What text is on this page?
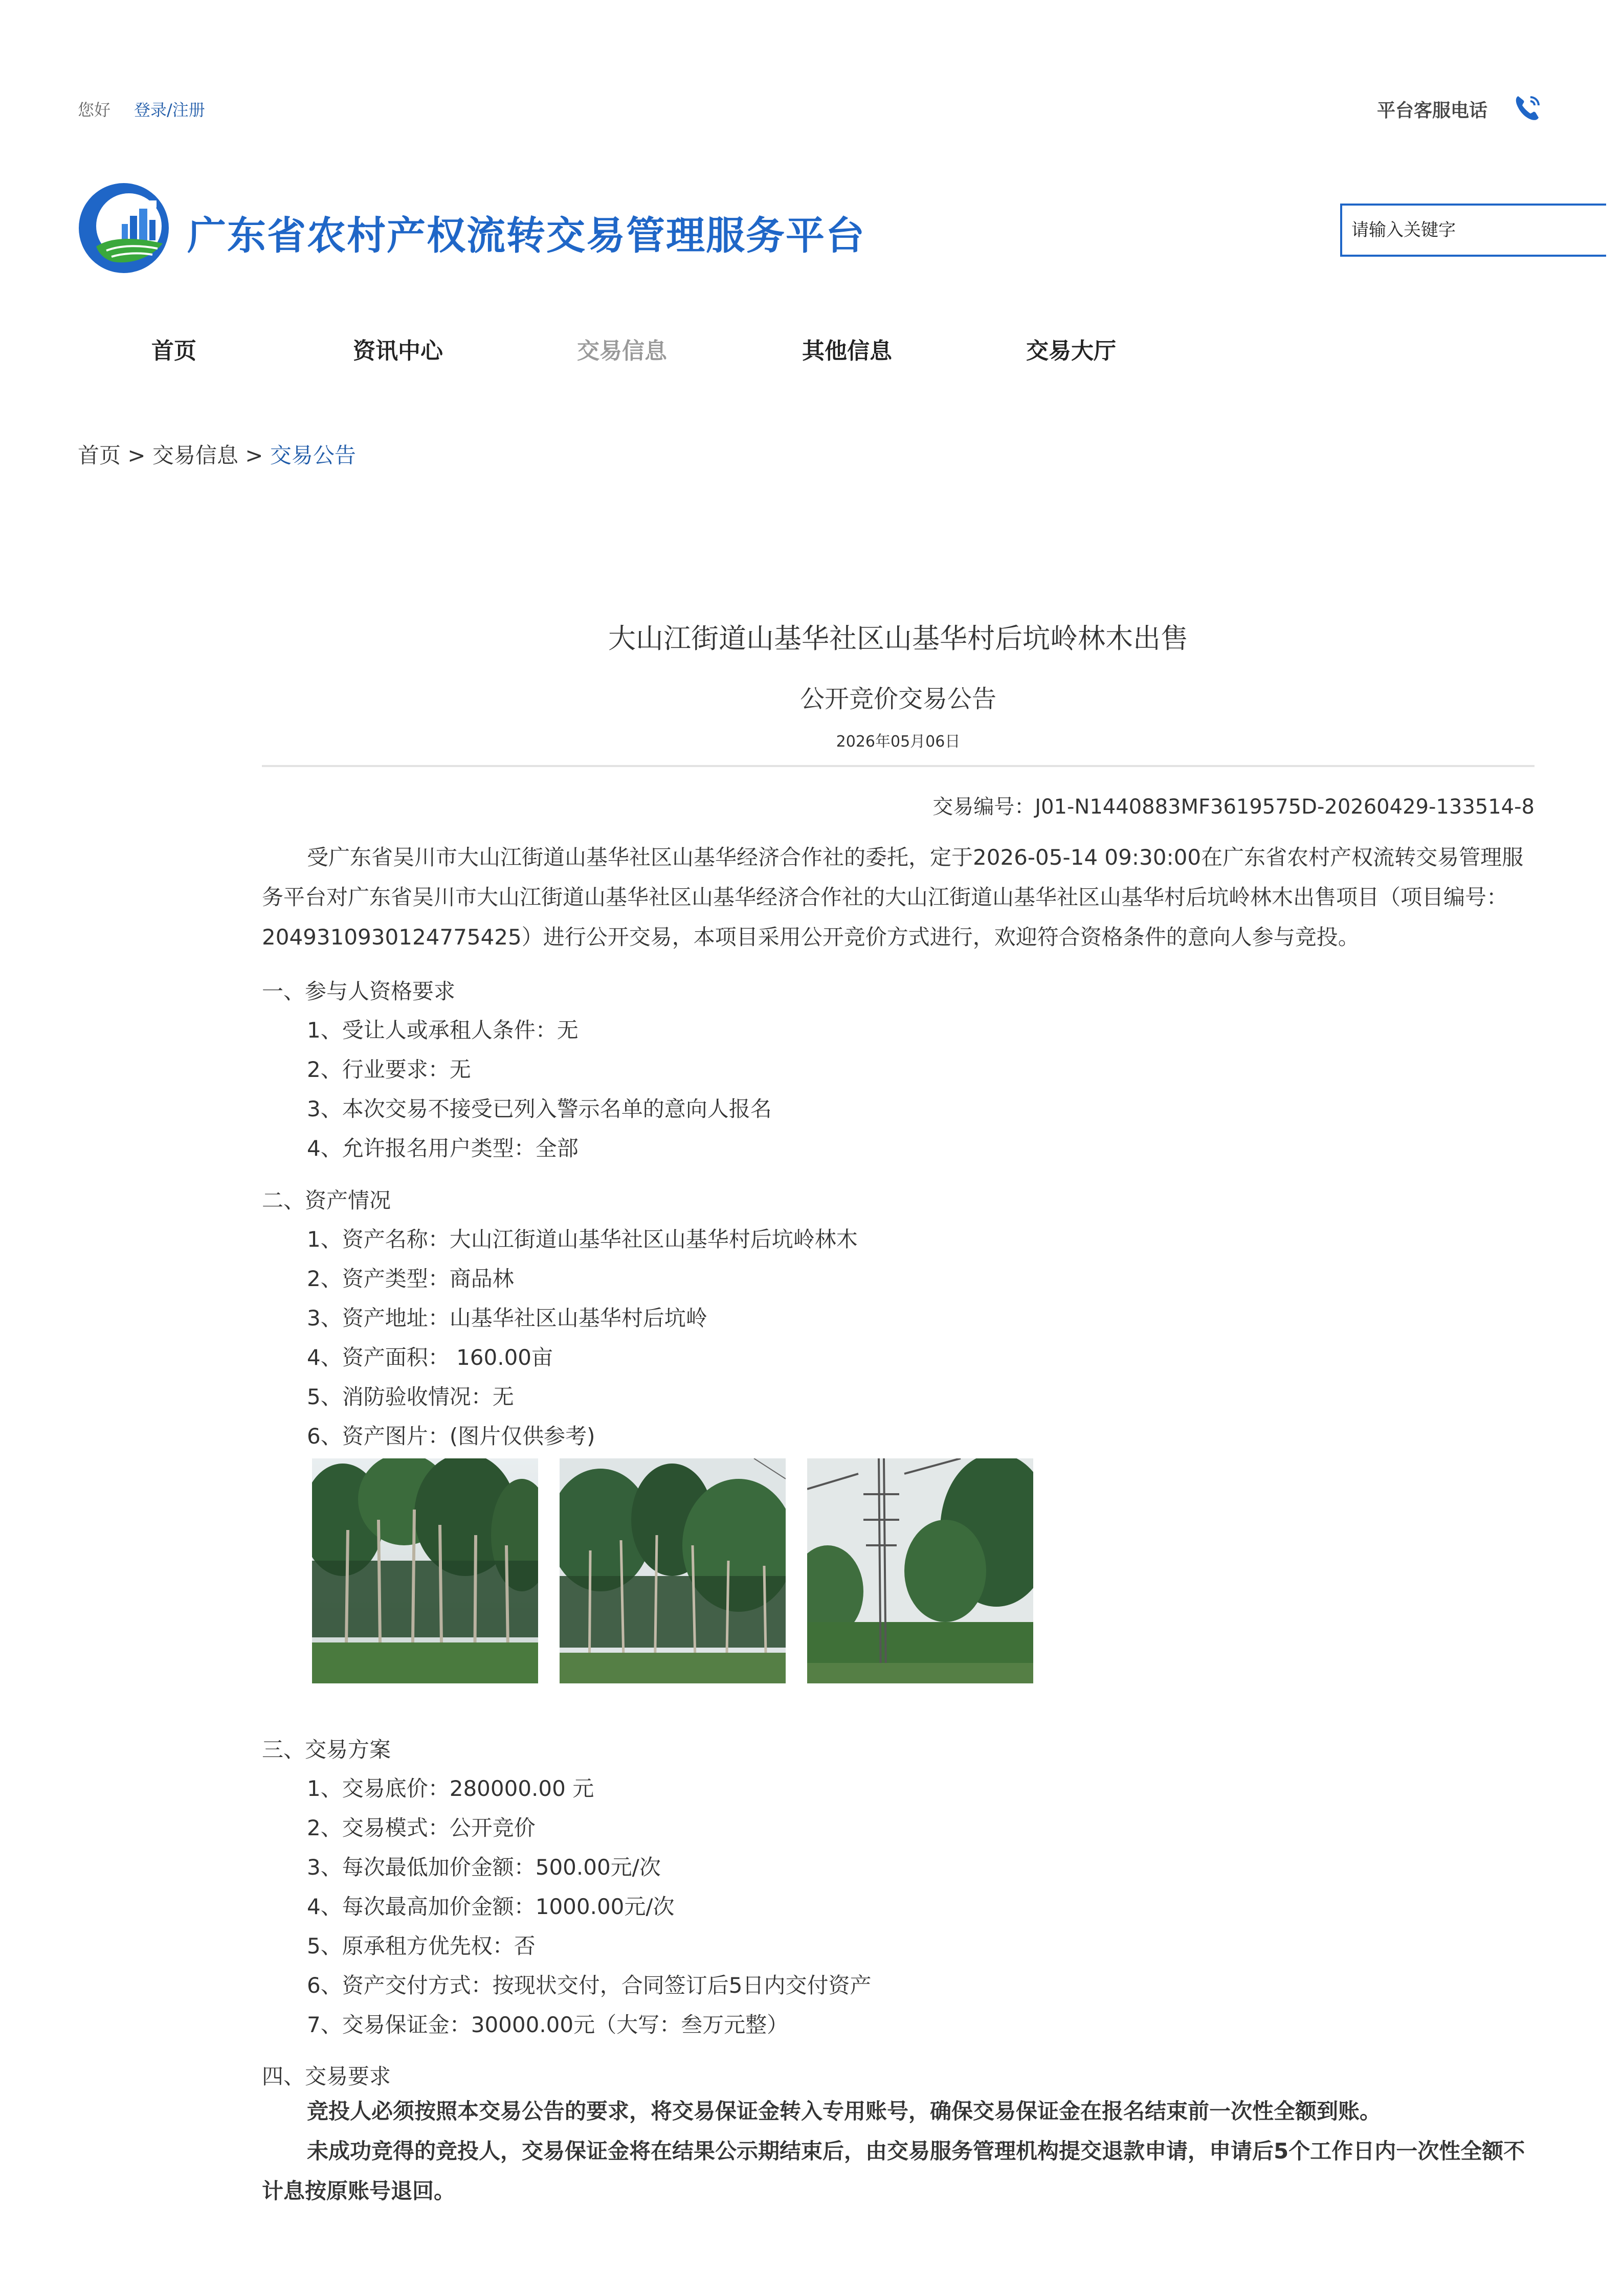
您好 登录/注册	平台客服电话
广东省农村产权流转交易管理服务平台
请输入关键字
首页	资讯中心	交易信息	其他信息	交易大厅
首页 > 交易信息 > 交易公告
大山江街道山基华社区山基华村后坑岭林木出售
公开竞价交易公告
2026年05月06日
交易编号：J01-N1440883MF3619575D-20260429-133514-8
受广东省吴川市大山江街道山基华社区山基华经济合作社的委托，定于2026-05-14 09:30:00在广东省农村产权流转交易管理服务平台对广东省吴川市大山江街道山基华社区山基华经济合作社的大山江街道山基华社区山基华村后坑岭林木出售项目（项目编号：2049310930124775425）进行公开交易，本项目采用公开竞价方式进行，欢迎符合资格条件的意向人参与竞投。
一、参与人资格要求
1、受让人或承租人条件：无
2、行业要求：无
3、本次交易不接受已列入警示名单的意向人报名
4、允许报名用户类型：全部
二、资产情况
1、资产名称：大山江街道山基华社区山基华村后坑岭林木
2、资产类型：商品林
3、资产地址：山基华社区山基华村后坑岭
4、资产面积： 160.00亩
5、消防验收情况：无
6、资产图片：(图片仅供参考)
三、交易方案
1、交易底价：280000.00 元
2、交易模式：公开竞价
3、每次最低加价金额：500.00元/次
4、每次最高加价金额：1000.00元/次
5、原承租方优先权：否
6、资产交付方式：按现状交付，合同签订后5日内交付资产
7、交易保证金：30000.00元（大写：叁万元整）
四、交易要求
竞投人必须按照本交易公告的要求，将交易保证金转入专用账号，确保交易保证金在报名结束前一次性全额到账。
未成功竞得的竞投人，交易保证金将在结果公示期结束后，由交易服务管理机构提交退款申请，申请后5个工作日内一次性全额不计息按原账号退回。
